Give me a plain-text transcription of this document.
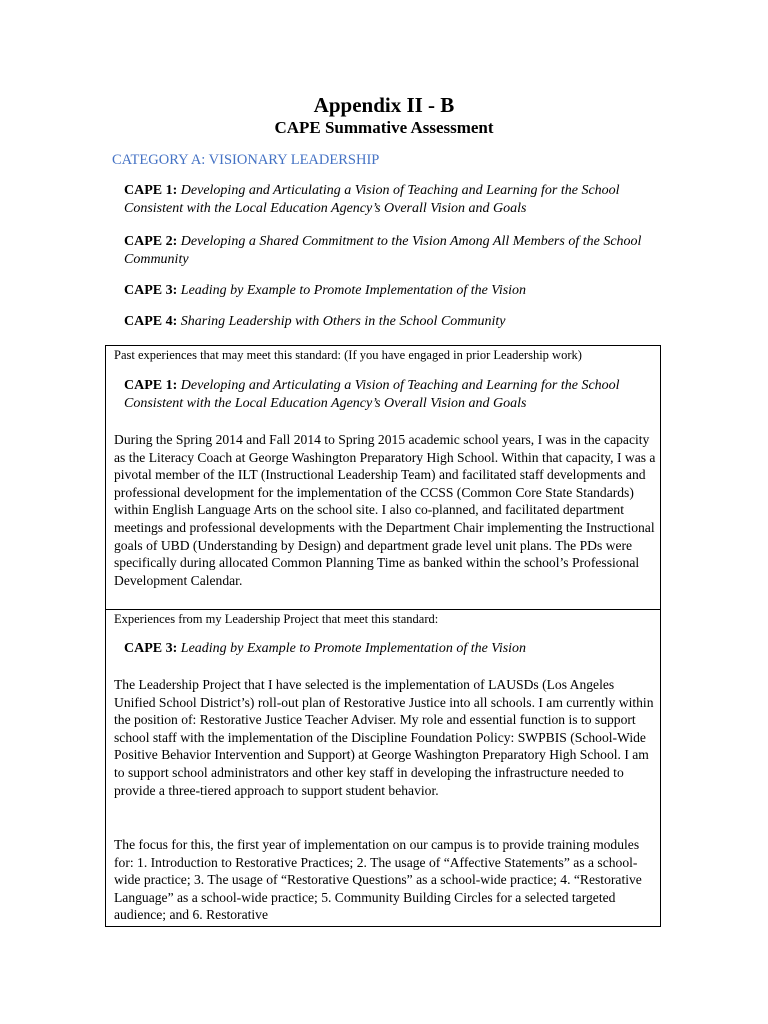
Appendix II - B
CAPE Summative Assessment
CATEGORY A: VISIONARY LEADERSHIP

CAPE 1: Developing and Articulating a Vision of Teaching and Learning for the School Consistent with the Local Education Agency’s Overall Vision and Goals

CAPE 2: Developing a Shared Commitment to the Vision Among All Members of the School Community

CAPE 3: Leading by Example to Promote Implementation of the Vision

CAPE 4: Sharing Leadership with Others in the School Community

Past experiences that may meet this standard: (If you have engaged in prior Leadership work)

CAPE 1: Developing and Articulating a Vision of Teaching and Learning for the School Consistent with the Local Education Agency’s Overall Vision and Goals

During the Spring 2014 and Fall 2014 to Spring 2015 academic school years, I was in the capacity as the Literacy Coach at George Washington Preparatory High School. Within that capacity, I was a pivotal member of the ILT (Instructional Leadership Team) and facilitated staff developments and professional development for the implementation of the CCSS (Common Core State Standards) within English Language Arts on the school site. I also co-planned, and facilitated department meetings and professional developments with the Department Chair implementing the Instructional goals of UBD (Understanding by Design) and department grade level unit plans. The PDs were specifically during allocated Common Planning Time as banked within the school’s Professional Development Calendar.

Experiences from my Leadership Project that meet this standard:

CAPE 3: Leading by Example to Promote Implementation of the Vision

The Leadership Project that I have selected is the implementation of LAUSDs (Los Angeles Unified School District’s) roll-out plan of Restorative Justice into all schools. I am currently within the position of: Restorative Justice Teacher Adviser. My role and essential function is to support school staff with the implementation of the Discipline Foundation Policy: SWPBIS (School-Wide Positive Behavior Intervention and Support) at George Washington Preparatory High School. I am to support school administrators and other key staff in developing the infrastructure needed to provide a three-tiered approach to support student behavior.

The focus for this, the first year of implementation on our campus is to provide training modules for: 1. Introduction to Restorative Practices; 2. The usage of “Affective Statements” as a school-wide practice; 3. The usage of “Restorative Questions” as a school-wide practice; 4. “Restorative Language” as a school-wide practice; 5. Community Building Circles for a selected targeted audience; and 6. Restorative
